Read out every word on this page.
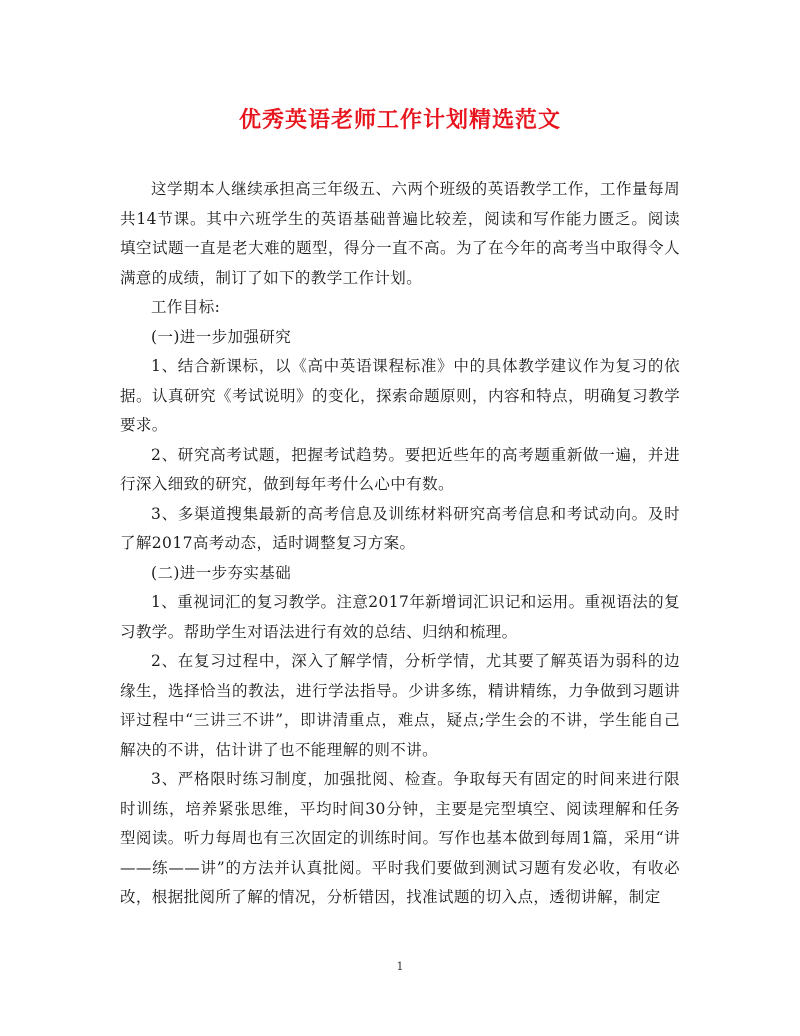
优秀英语老师工作计划精选范文

这学期本人继续承担高三年级五、六两个班级的英语教学工作，工作量每周共14节课。其中六班学生的英语基础普遍比较差，阅读和写作能力匮乏。阅读填空试题一直是老大难的题型，得分一直不高。为了在今年的高考当中取得令人满意的成绩，制订了如下的教学工作计划。

工作目标:

(一)进一步加强研究

1、结合新课标，以《高中英语课程标准》中的具体教学建议作为复习的依据。认真研究《考试说明》的变化，探索命题原则，内容和特点，明确复习教学要求。

2、研究高考试题，把握考试趋势。要把近些年的高考题重新做一遍，并进行深入细致的研究，做到每年考什么心中有数。

3、多渠道搜集最新的高考信息及训练材料研究高考信息和考试动向。及时了解2017高考动态，适时调整复习方案。

(二)进一步夯实基础

1、重视词汇的复习教学。注意2017年新增词汇识记和运用。重视语法的复习教学。帮助学生对语法进行有效的总结、归纳和梳理。

2、在复习过程中，深入了解学情，分析学情，尤其要了解英语为弱科的边缘生，选择恰当的教法，进行学法指导。少讲多练，精讲精练，力争做到习题讲评过程中“三讲三不讲”，即讲清重点，难点，疑点;学生会的不讲，学生能自己解决的不讲，估计讲了也不能理解的则不讲。

3、严格限时练习制度，加强批阅、检查。争取每天有固定的时间来进行限时训练，培养紧张思维，平均时间30分钟，主要是完型填空、阅读理解和任务型阅读。听力每周也有三次固定的训练时间。写作也基本做到每周1篇，采用“讲——练——讲”的方法并认真批阅。平时我们要做到测试习题有发必收，有收必改，根据批阅所了解的情况，分析错因，找准试题的切入点，透彻讲解，制定

1
